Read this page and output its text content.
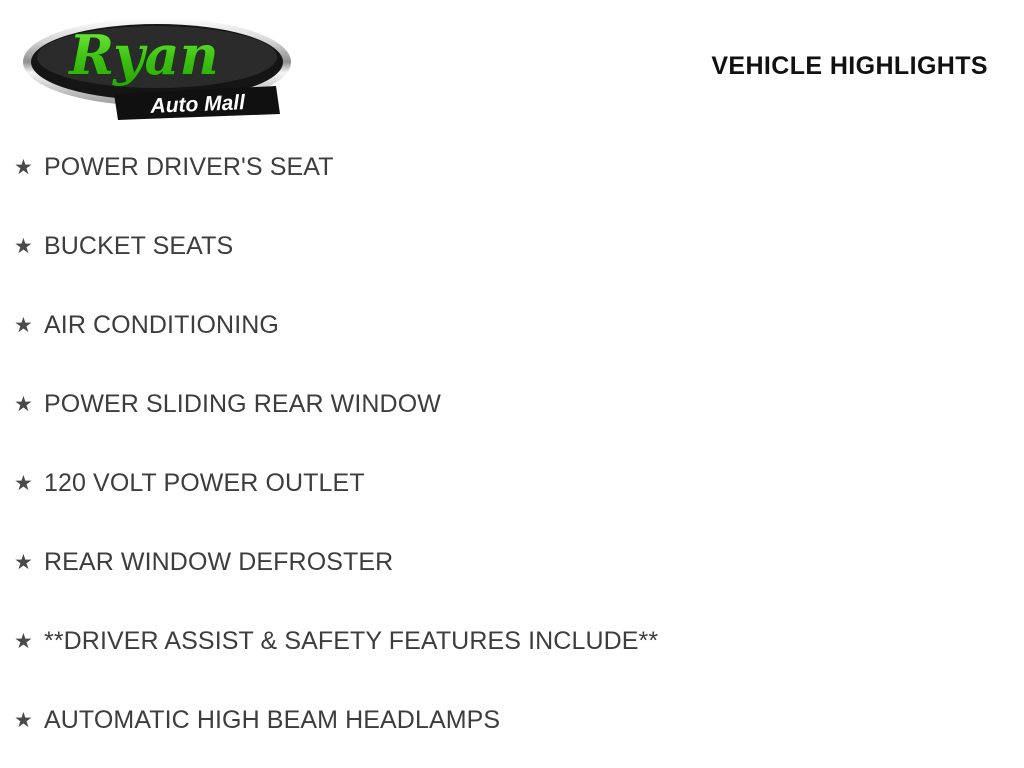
Ryan
Auto Mall
VEHICLE HIGHLIGHTS
★ POWER DRIVER'S SEAT
★ BUCKET SEATS
★ AIR CONDITIONING
★ POWER SLIDING REAR WINDOW
★ 120 VOLT POWER OUTLET
★ REAR WINDOW DEFROSTER
★ **DRIVER ASSIST & SAFETY FEATURES INCLUDE**
★ AUTOMATIC HIGH BEAM HEADLAMPS
